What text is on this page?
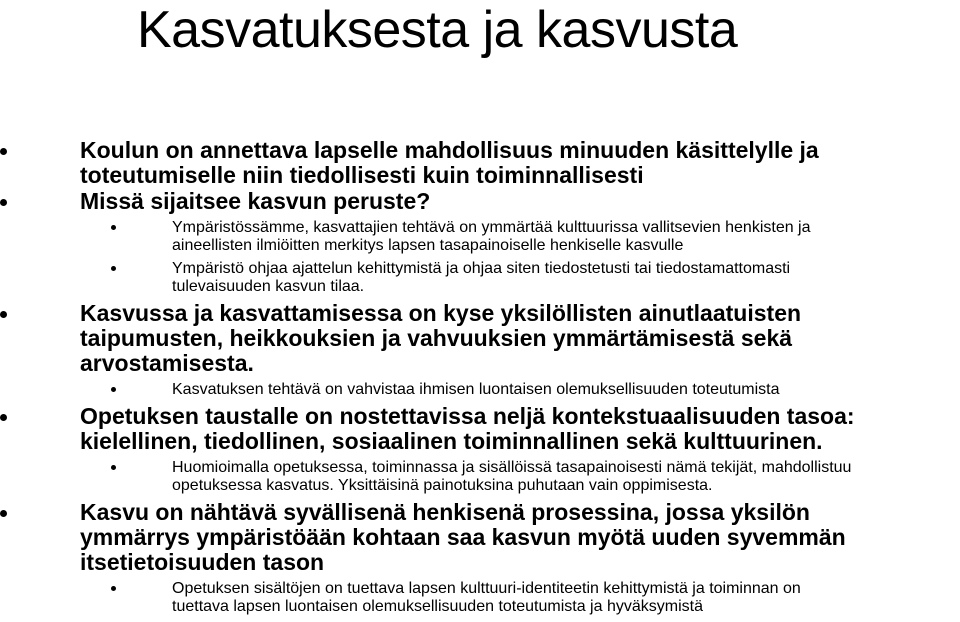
Kasvatuksesta ja kasvusta
Koulun on annettava lapselle mahdollisuus minuuden käsittelylle ja
toteutumiselle niin tiedollisesti kuin toiminnallisesti
Missä sijaitsee kasvun peruste?
Ympäristössämme, kasvattajien tehtävä on ymmärtää kulttuurissa vallitsevien henkisten ja
aineellisten ilmiöitten merkitys lapsen tasapainoiselle henkiselle kasvulle
Ympäristö ohjaa ajattelun kehittymistä ja ohjaa siten tiedostetusti tai tiedostamattomasti
tulevaisuuden kasvun tilaa.
Kasvussa ja kasvattamisessa on kyse yksilöllisten ainutlaatuisten
taipumusten, heikkouksien ja vahvuuksien ymmärtämisestä sekä
arvostamisesta.
Kasvatuksen tehtävä on vahvistaa ihmisen luontaisen olemuksellisuuden toteutumista
Opetuksen taustalle on nostettavissa neljä kontekstuaalisuuden tasoa:
kielellinen, tiedollinen, sosiaalinen toiminnallinen sekä kulttuurinen.
Huomioimalla opetuksessa, toiminnassa ja sisällöissä tasapainoisesti nämä tekijät, mahdollistuu
opetuksessa kasvatus. Yksittäisinä painotuksina puhutaan vain oppimisesta.
Kasvu on nähtävä syvällisenä henkisenä prosessina, jossa yksilön
ymmärrys ympäristöään kohtaan saa kasvun myötä uuden syvemmän
itsetietoisuuden tason
Opetuksen sisältöjen on tuettava lapsen kulttuuri-identiteetin kehittymistä ja toiminnan on
tuettava lapsen luontaisen olemuksellisuuden toteutumista ja hyväksymistä
